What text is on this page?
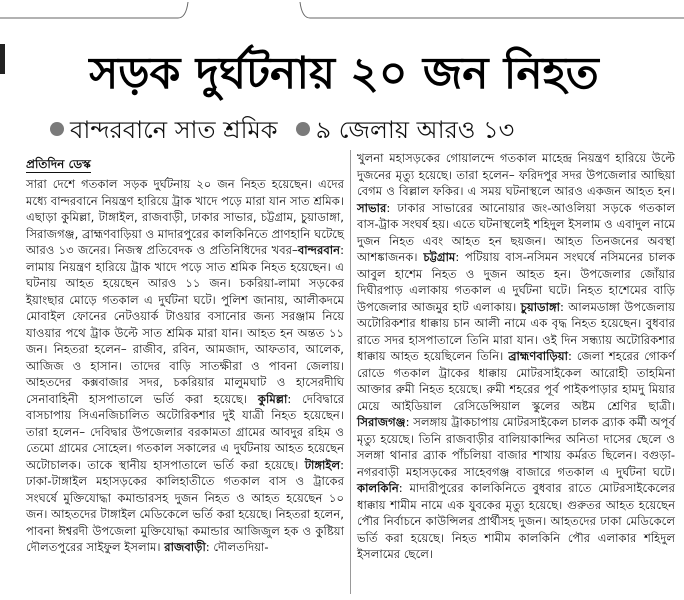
সড়ক দুর্ঘটনায় ২০ জন নিহত
বান্দরবানে সাত শ্রমিক ৯ জেলায় আরও ১৩
প্রতিদিন ডেস্ক

সারা দেশে গতকাল সড়ক দুর্ঘটনায় ২০ জন নিহত হয়েছেন। এদের মধ্যে বান্দরবানে নিয়ন্ত্রণ হারিয়ে ট্রাক খাদে পড়ে মারা যান সাত শ্রমিক। এছাড়া কুমিল্লা, টাঙ্গাইল, রাজবাড়ী, ঢাকার সাভার, চট্টগ্রাম, চুয়াডাঙ্গা, সিরাজগঞ্জ, ব্রাহ্মণবাড়িয়া ও মাদারপুরের কালকিনিতে প্রাণহানি ঘটেছে আরও ১৩ জনের। নিজস্ব প্রতিবেদক ও প্রতিনিধিদের খবর–বান্দরবান: লামায় নিয়ন্ত্রণ হারিয়ে ট্রাক খাদে পড়ে সাত শ্রমিক নিহত হয়েছেন। এ ঘটনায় আহত হয়েছেন আরও ১১ জন। চকরিয়া-লামা সড়কের ইয়াংছার মোড়ে গতকাল এ দুর্ঘটনা ঘটে। পুলিশ জানায়, আলীকদমে মোবাইল ফোনের নেটওয়ার্ক টাওয়ার বসানোর জন্য সরঞ্জাম নিয়ে যাওয়ার পথে ট্রাক উল্টে সাত শ্রমিক মারা যান। আহত হন অন্তত ১১ জন। নিহতরা হলেন– রাজীব, রবিন, আমজাদ, আফতাব, আলেক, আজিজ ও হাসান। তাদের বাড়ি সাতক্ষীরা ও পাবনা জেলায়। আহতদের কক্সবাজার সদর, চকরিয়ার মালুমঘাট ও হাসেরদীঘি সেনাবাহিনী হাসপাতালে ভর্তি করা হয়েছে। কুমিল্লা: দেবিদ্বারে বাসচাপায় সিএনজিচালিত অটোরিকশার দুই যাত্রী নিহত হয়েছেন। তারা হলেন– দেবিদ্বার উপজেলার বরকামতা গ্রামের আবদুর রহিম ও তেমো গ্রামের সোহেল। গতকাল সকালের এ দুর্ঘটনায় আহত হয়েছেন অটোচালক। তাকে স্থানীয় হাসপাতালে ভর্তি করা হয়েছে। টাঙ্গাইল: ঢাকা-টাঙ্গাইল মহাসড়কের কালিহাতীতে গতকাল বাস ও ট্রাকের সংঘর্ষে মুক্তিযোদ্ধা কমান্ডারসহ দুজন নিহত ও আহত হয়েছেন ১০ জন। আহতদের টাঙ্গাইল মেডিকেলে ভর্তি করা হয়েছে। নিহতরা হলেন, পাবনা ঈশ্বরদী উপজেলা মুক্তিযোদ্ধা কমান্ডার আজিজুল হক ও কুষ্টিয়া দৌলতপুরের সাইফুল ইসলাম। রাজবাড়ী: দৌলতদিয়া-

খুলনা মহাসড়কের গোয়ালন্দে গতকাল মাহেন্দ্র নিয়ন্ত্রণ হারিয়ে উল্টে দুজনের মৃত্যু হয়েছে। তারা হলেন– ফরিদপুর সদর উপজেলার আছিয়া বেগম ও বিল্লাল ফকির। এ সময় ঘটনাস্থলে আরও একজন আহত হন। সাভার: ঢাকার সাভারের আনোয়ার জং-আওলিয়া সড়কে গতকাল বাস-ট্রাক সংঘর্ষ হয়। এতে ঘটনাস্থলেই শহিদুল ইসলাম ও এবাদুল নামে দুজন নিহত এবং আহত হন ছয়জন। আহত তিনজনের অবস্থা আশঙ্কাজনক। চট্টগ্রাম: পটিয়ায় বাস-নসিমন সংঘর্ষে নসিমনের চালক আবুল হাশেম নিহত ও দুজন আহত হন। উপজেলার জোঁয়ার দিঘীরপাড় এলাকায় গতকাল এ দুর্ঘটনা ঘটে। নিহত হাশেমের বাড়ি উপজেলার আজমুর হাট এলাকায়। চুয়াডাঙ্গা: আলমডাঙ্গা উপজেলায় অটোরিকশার ধাক্কায় চান আলী নামে এক বৃদ্ধ নিহত হয়েছেন। বুধবার রাতে সদর হাসপাতালে তিনি মারা যান। ওই দিন সন্ধ্যায় অটোরিকশার ধাক্কায় আহত হয়েছিলেন তিনি। ব্রাহ্মণবাড়িয়া: জেলা শহরের গোকর্ণ রোডে গতকাল ট্রাকের ধাক্কায় মোটরসাইকেল আরোহী তাহমিনা আক্তার রুমী নিহত হয়েছে। রুমী শহরের পূর্ব পাইকপাড়ার হামদু মিয়ার মেয়ে আইডিয়াল রেসিডেন্সিয়াল স্কুলের অষ্টম শ্রেণির ছাত্রী। সিরাজগঞ্জ: সলঙ্গায় ট্রাকচাপায় মোটরসাইকেল চালক ব্র্যাক কর্মী অপূর্ব মৃত্যু হয়েছে। তিনি রাজবাড়ীর বালিয়াকান্দির অনিতা দাসের ছেলে ও সলঙ্গা থানার ব্র্যাক পাঁচলিয়া বাজার শাখায় কর্মরত ছিলেন। বগুড়া-নগরবাড়ী মহাসড়কের সাহেবগঞ্জ বাজারে গতকাল এ দুর্ঘটনা ঘটে। কালকিনি: মাদারীপুরের কালকিনিতে বুধবার রাতে মোটরসাইকেলের ধাক্কায় শামীম নামে এক যুবকের মৃত্যু হয়েছে। গুরুতর আহত হয়েছেন পৌর নির্বাচনে কাউন্সিলর প্রার্থীসহ দুজন। আহতদের ঢাকা মেডিকেলে ভর্তি করা হয়েছে। নিহত শামীম কালকিনি পৌর এলাকার শহিদুল ইসলামের ছেলে।
